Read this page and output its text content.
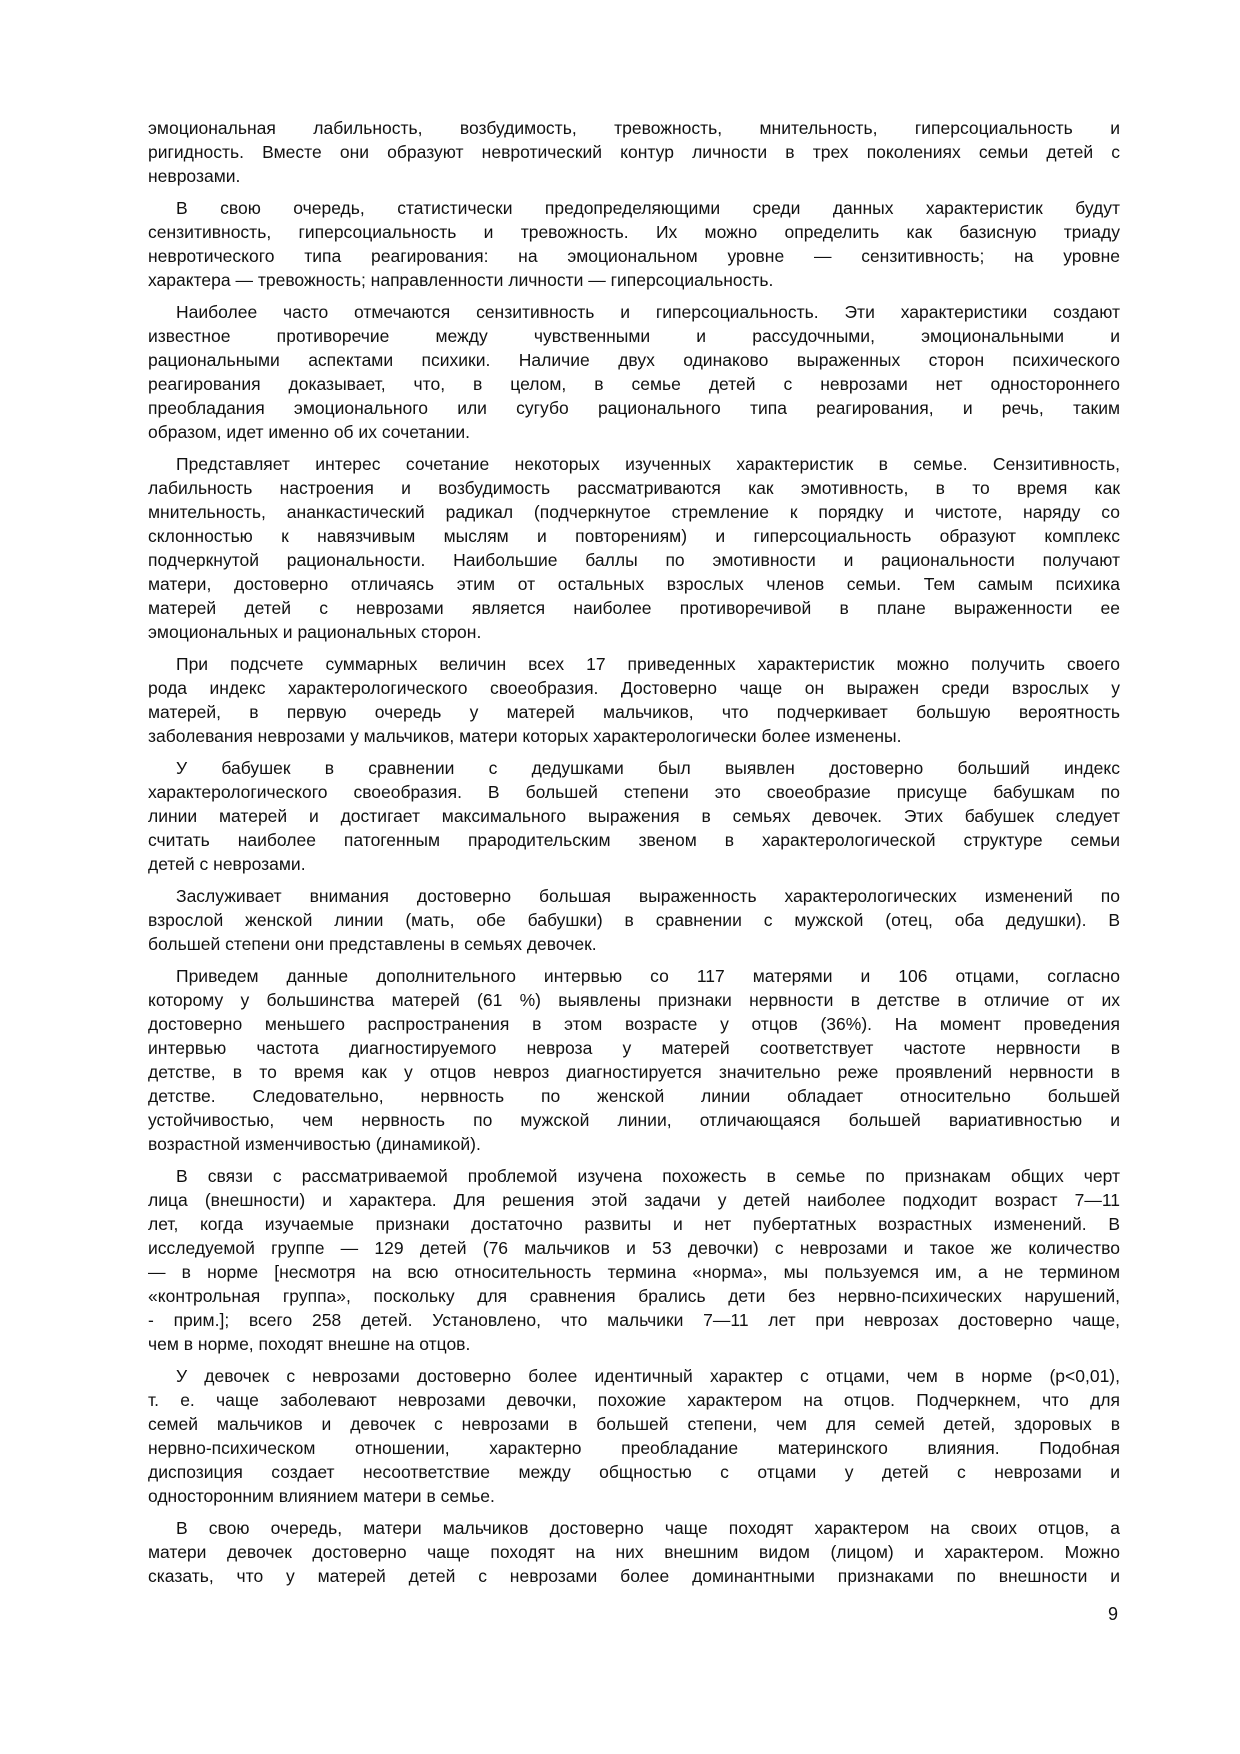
эмоциональная лабильность, возбудимость, тревожность, мнительность, гиперсоциальность и
ригидность. Вместе они образуют невротический контур личности в трех поколениях семьи детей с
неврозами.
В свою очередь, статистически предопределяющими среди данных характеристик будут
сензитивность, гиперсоциальность и тревожность. Их можно определить как базисную триаду
невротического типа реагирования: на эмоциональном уровне — сензитивность; на уровне
характера — тревожность; направленности личности — гиперсоциальность.
Наиболее часто отмечаются сензитивность и гиперсоциальность. Эти характеристики создают
известное противоречие между чувственными и рассудочными, эмоциональными и
рациональными аспектами психики. Наличие двух одинаково выраженных сторон психического
реагирования доказывает, что, в целом, в семье детей с неврозами нет одностороннего
преобладания эмоционального или сугубо рационального типа реагирования, и речь, таким
образом, идет именно об их сочетании.
Представляет интерес сочетание некоторых изученных характеристик в семье. Сензитивность,
лабильность настроения и возбудимость рассматриваются как эмотивность, в то время как
мнительность, ананкастический радикал (подчеркнутое стремление к порядку и чистоте, наряду со
склонностью к навязчивым мыслям и повторениям) и гиперсоциальность образуют комплекс
подчеркнутой рациональности. Наибольшие баллы по эмотивности и рациональности получают
матери, достоверно отличаясь этим от остальных взрослых членов семьи. Тем самым психика
матерей детей с неврозами является наиболее противоречивой в плане выраженности ее
эмоциональных и рациональных сторон.
При подсчете суммарных величин всех 17 приведенных характеристик можно получить своего
рода индекс характерологического своеобразия. Достоверно чаще он выражен среди взрослых у
матерей, в первую очередь у матерей мальчиков, что подчеркивает большую вероятность
заболевания неврозами у мальчиков, матери которых характерологически более изменены.
У бабушек в сравнении с дедушками был выявлен достоверно больший индекс
характерологического своеобразия. В большей степени это своеобразие присуще бабушкам по
линии матерей и достигает максимального выражения в семьях девочек. Этих бабушек следует
считать наиболее патогенным прародительским звеном в характерологической структуре семьи
детей с неврозами.
Заслуживает внимания достоверно большая выраженность характерологических изменений по
взрослой женской линии (мать, обе бабушки) в сравнении с мужской (отец, оба дедушки). В
большей степени они представлены в семьях девочек.
Приведем данные дополнительного интервью со 117 матерями и 106 отцами, согласно
которому у большинства матерей (61 %) выявлены признаки нервности в детстве в отличие от их
достоверно меньшего распространения в этом возрасте у отцов (36%). На момент проведения
интервью частота диагностируемого невроза у матерей соответствует частоте нервности в
детстве, в то время как у отцов невроз диагностируется значительно реже проявлений нервности в
детстве. Следовательно, нервность по женской линии обладает относительно большей
устойчивостью, чем нервность по мужской линии, отличающаяся большей вариативностью и
возрастной изменчивостью (динамикой).
В связи с рассматриваемой проблемой изучена похожесть в семье по признакам общих черт
лица (внешности) и характера. Для решения этой задачи у детей наиболее подходит возраст 7—11
лет, когда изучаемые признаки достаточно развиты и нет пубертатных возрастных изменений. В
исследуемой группе — 129 детей (76 мальчиков и 53 девочки) с неврозами и такое же количество
— в норме [несмотря на всю относительность термина «норма», мы пользуемся им, а не термином
«контрольная группа», поскольку для сравнения брались дети без нервно-психических нарушений,
- прим.]; всего 258 детей. Установлено, что мальчики 7—11 лет при неврозах достоверно чаще,
чем в норме, походят внешне на отцов.
У девочек с неврозами достоверно более идентичный характер с отцами, чем в норме (р<0,01),
т. е. чаще заболевают неврозами девочки, похожие характером на отцов. Подчеркнем, что для
семей мальчиков и девочек с неврозами в большей степени, чем для семей детей, здоровых в
нервно-психическом отношении, характерно преобладание материнского влияния. Подобная
диспозиция создает несоответствие между общностью с отцами у детей с неврозами и
односторонним влиянием матери в семье.
В свою очередь, матери мальчиков достоверно чаще походят характером на своих отцов, а
матери девочек достоверно чаще походят на них внешним видом (лицом) и характером. Можно
сказать, что у матерей детей с неврозами более доминантными признаками по внешности и
9
